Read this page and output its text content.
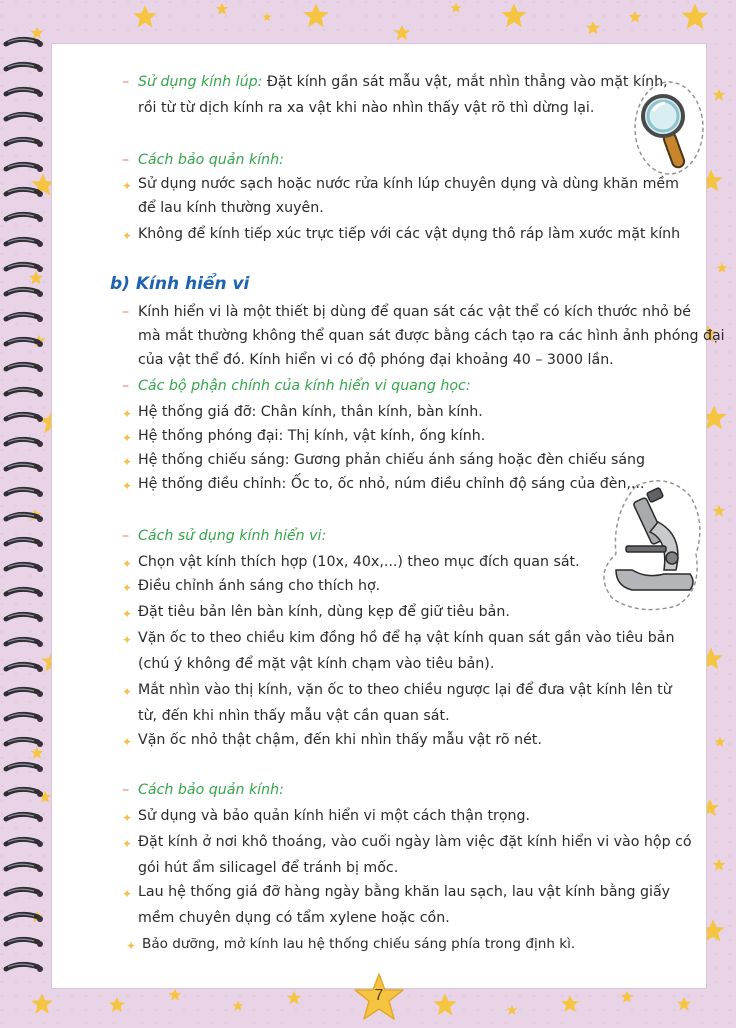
– Sử dụng kính lúp: Đặt kính gần sát mẫu vật, mắt nhìn thẳng vào mặt kính,
rồi từ từ dịch kính ra xa vật khi nào nhìn thấy vật rõ thì dừng lại.
– Cách bảo quản kính:
✦ Sử dụng nước sạch hoặc nước rửa kính lúp chuyên dụng và dùng khăn mềm
để lau kính thường xuyên.
✦ Không để kính tiếp xúc trực tiếp với các vật dụng thô ráp làm xước mặt kính
b) Kính hiển vi
– Kính hiển vi là một thiết bị dùng để quan sát các vật thể có kích thước nhỏ bé
mà mắt thường không thể quan sát được bằng cách tạo ra các hình ảnh phóng đại
của vật thể đó. Kính hiển vi có độ phóng đại khoảng 40 – 3000 lần.
– Các bộ phận chính của kính hiển vi quang học:
✦ Hệ thống giá đỡ: Chân kính, thân kính, bàn kính.
✦ Hệ thống phóng đại: Thị kính, vật kính, ống kính.
✦ Hệ thống chiếu sáng: Gương phản chiếu ánh sáng hoặc đèn chiếu sáng
✦ Hệ thống điều chỉnh: Ốc to, ốc nhỏ, núm điều chỉnh độ sáng của đèn,...
– Cách sử dụng kính hiển vi:
✦ Chọn vật kính thích hợp (10x, 40x,...) theo mục đích quan sát.
✦ Điều chỉnh ánh sáng cho thích hợ.
✦ Đặt tiêu bản lên bàn kính, dùng kẹp để giữ tiêu bản.
✦ Vặn ốc to theo chiều kim đồng hồ để hạ vật kính quan sát gần vào tiêu bản
(chú ý không để mặt vật kính chạm vào tiêu bản).
✦ Mắt nhìn vào thị kính, vặn ốc to theo chiều ngược lại để đưa vật kính lên từ
từ, đến khi nhìn thấy mẫu vật cần quan sát.
✦ Vặn ốc nhỏ thật chậm, đến khi nhìn thấy mẫu vật rõ nét.
– Cách bảo quản kính:
✦ Sử dụng và bảo quản kính hiển vi một cách thận trọng.
✦ Đặt kính ở nơi khô thoáng, vào cuối ngày làm việc đặt kính hiển vi vào hộp có
gói hút ẩm silicagel để tránh bị mốc.
✦ Lau hệ thống giá đỡ hàng ngày bằng khăn lau sạch, lau vật kính bằng giấy
mềm chuyên dụng có tẩm xylene hoặc cồn.
✦ Bảo dưỡng, mở kính lau hệ thống chiếu sáng phía trong định kì.
7
